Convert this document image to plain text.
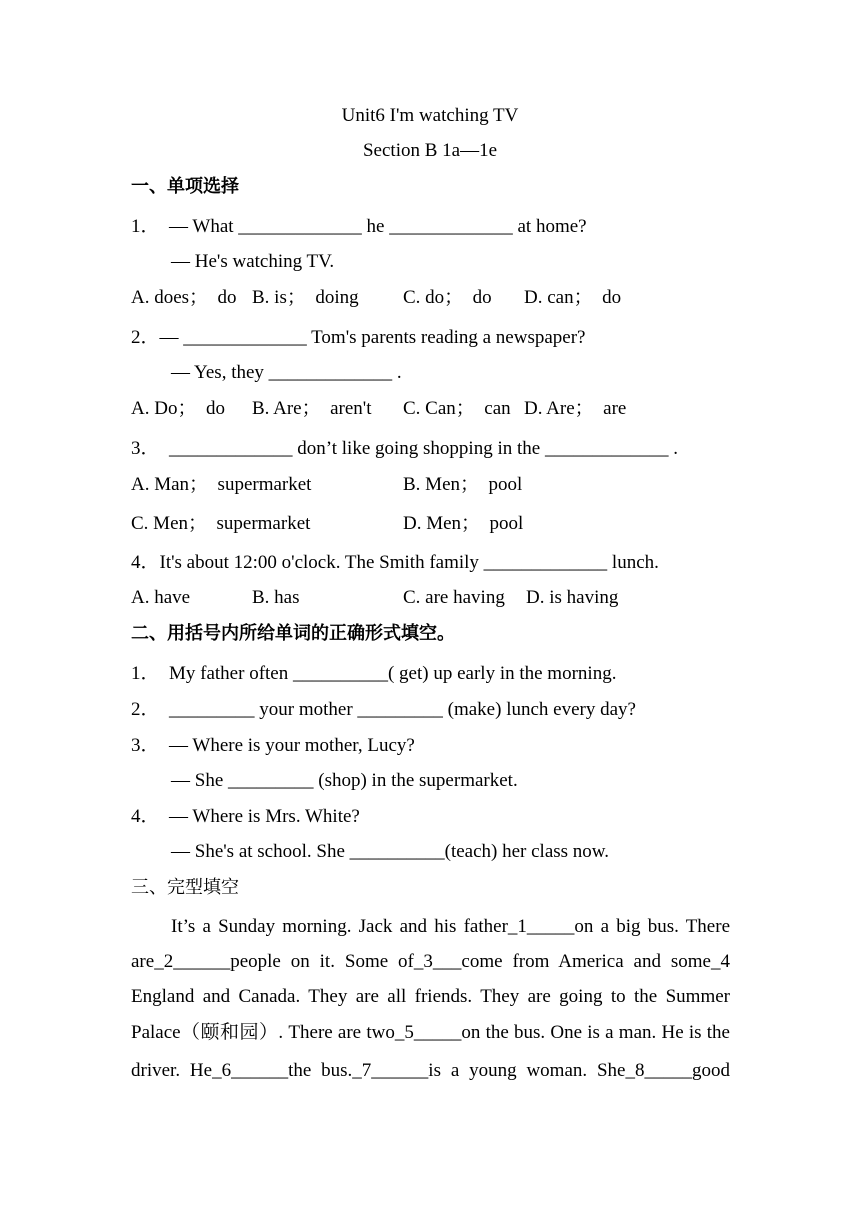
Unit6 I'm watching TV
Section B 1a—1e
一、单项选择
1．　— What _____________ he _____________ at home?
— He's watching TV.
A. does；　do B. is；　doing C. do；　do D. can；　do
2．— _____________ Tom's parents reading a newspaper?
— Yes, they _____________ .
A. Do；　do B. Are；　aren't C. Can；　can D. Are；　are
3．　_____________ don’t like going shopping in the _____________ .
A. Man；　supermarket	B. Men；　pool
C. Men；　supermarket	D. Men；　pool
4．It's about 12:00 o'clock. The Smith family _____________ lunch.
A. have	B. has	C. are having D. is having
二、用括号内所给单词的正确形式填空。
1．　My father often __________( get) up early in the morning.
2．　_________ your mother _________ (make) lunch every day?
3．　— Where is your mother, Lucy?
— She _________ (shop) in the supermarket.
4．　— Where is Mrs. White?
— She's at school. She __________(teach) her class now.
三、完型填空
It’s a Sunday morning. Jack and his father_1_____on a big bus. There
are_2______people on it. Some of_3___come from America and some_4
England and Canada. They are all friends. They are going to the Summer
Palace（颐和园）. There are two_5_____on the bus. One is a man. He is the
driver. He_6______the bus._7______is a young woman. She_8_____good
